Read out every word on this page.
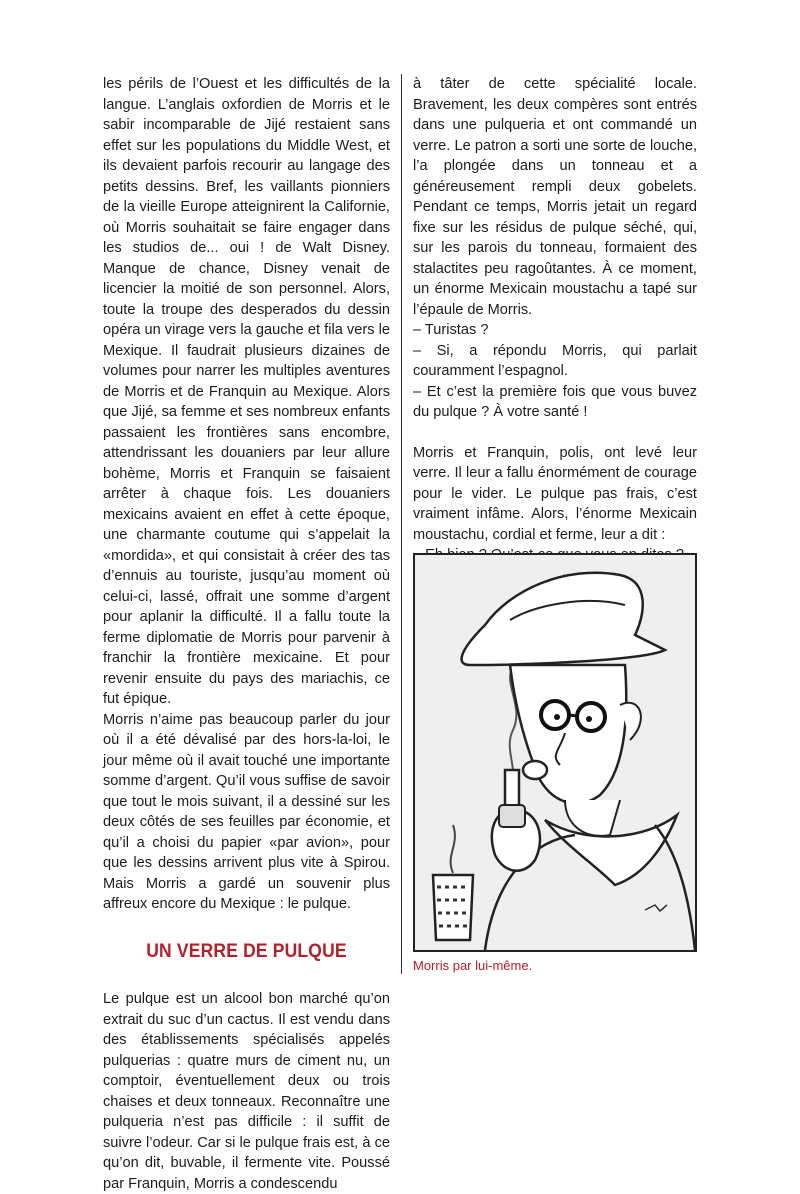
les périls de l’Ouest et les difficultés de la langue. L’anglais oxfordien de Morris et le sabir incomparable de Jijé restaient sans effet sur les populations du Middle West, et ils devaient parfois recourir au langage des petits dessins. Bref, les vaillants pionniers de la vieille Europe atteignirent la Californie, où Morris souhaitait se faire engager dans les studios de... oui ! de Walt Disney. Manque de chance, Disney venait de licencier la moitié de son personnel. Alors, toute la troupe des desperados du dessin opéra un virage vers la gauche et fila vers le Mexique. Il faudrait plusieurs dizaines de volumes pour narrer les multiples aventures de Morris et de Franquin au Mexique. Alors que Jijé, sa femme et ses nombreux enfants passaient les frontières sans encombre, attendrissant les douaniers par leur allure bohème, Morris et Franquin se faisaient arrêter à chaque fois. Les douaniers mexicains avaient en effet à cette époque, une charmante coutume qui s’appelait la «mordida», et qui consistait à créer des tas d’ennuis au touriste, jusqu’au moment où celui-ci, lassé, offrait une somme d’argent pour aplanir la difficulté. Il a fallu toute la ferme diplomatie de Morris pour parvenir à franchir la frontière mexicaine. Et pour revenir ensuite du pays des mariachis, ce fut épique.

Morris n’aime pas beaucoup parler du jour où il a été dévalisé par des hors-la-loi, le jour même où il avait touché une importante somme d’argent. Qu’il vous suffise de savoir que tout le mois suivant, il a dessiné sur les deux côtés de ses feuilles par économie, et qu’il a choisi du papier «par avion», pour que les dessins arrivent plus vite à Spirou. Mais Morris a gardé un souvenir plus affreux encore du Mexique : le pulque.

UN VERRE DE PULQUE

Le pulque est un alcool bon marché qu’on extrait du suc d’un cactus. Il est vendu dans des établissements spécialisés appelés pulquerias : quatre murs de ciment nu, un comptoir, éventuellement deux ou trois chaises et deux tonneaux. Reconnaître une pulqueria n’est pas difficile : il suffit de suivre l’odeur. Car si le pulque frais est, à ce qu’on dit, buvable, il fermente vite. Poussé par Franquin, Morris a condescendu

à tâter de cette spécialité locale. Bravement, les deux compères sont entrés dans une pulqueria et ont commandé un verre. Le patron a sorti une sorte de louche, l’a plongée dans un tonneau et a généreusement rempli deux gobelets. Pendant ce temps, Morris jetait un regard fixe sur les résidus de pulque séché, qui, sur les parois du tonneau, formaient des stalactites peu ragoûtantes. À ce moment, un énorme Mexicain moustachu a tapé sur l’épaule de Morris.

– Turistas ?

– Si, a répondu Morris, qui parlait couramment l’espagnol.

– Et c’est la première fois que vous buvez du pulque ? À votre santé !

Morris et Franquin, polis, ont levé leur verre. Il leur a fallu énormément de courage pour le vider. Le pulque pas frais, c’est vraiment infâme. Alors, l’énorme Mexicain moustachu, cordial et ferme, leur a dit :

Morris par lui-même.
